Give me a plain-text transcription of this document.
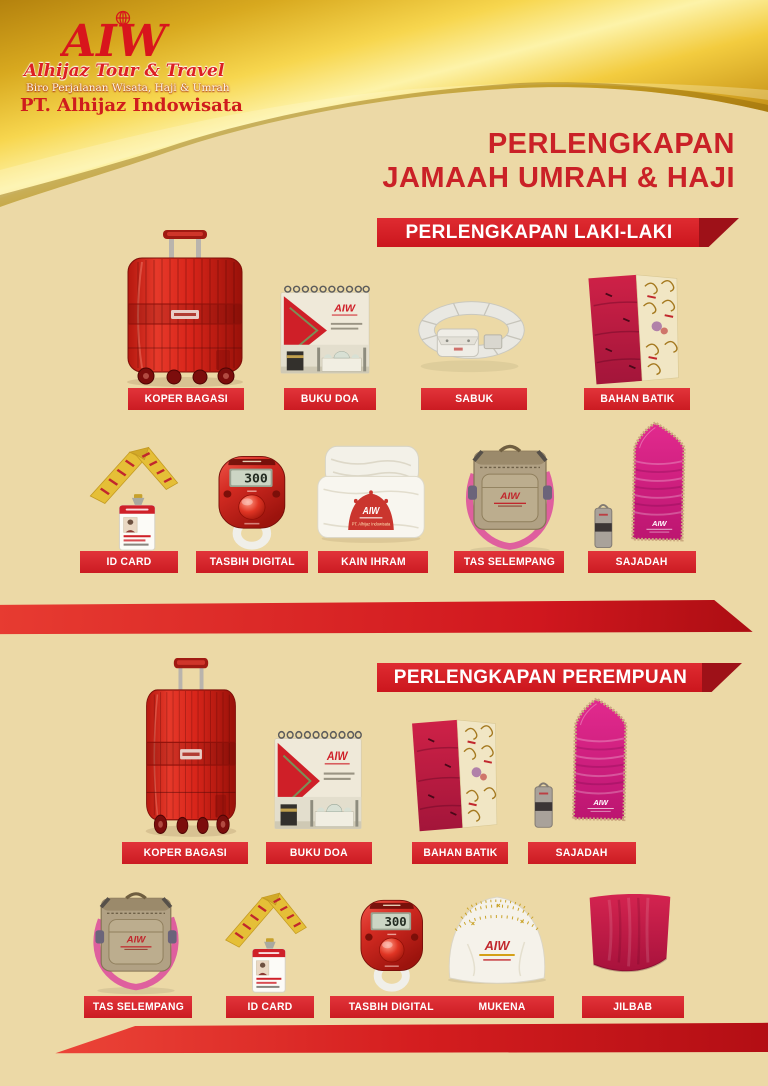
AIW
Alhijaz Tour & Travel
Biro Perjalanan Wisata, Haji & Umrah
PT. Alhijaz Indowisata
PERLENGKAPAN
JAMAAH UMRAH & HAJI
PERLENGKAPAN LAKI-LAKI
AIW
KOPER BAGASI	BUKU DOA	SABUK	BAHAN BATIK
300
AIW
PT. Alhijaz Indowisata
AIW
AIW
ID CARD	TASBIH DIGITAL	KAIN IHRAM	TAS SELEMPANG	SAJADAH
PERLENGKAPAN PEREMPUAN
AIW
AIW
KOPER BAGASI	BUKU DOA	BAHAN BATIK	SAJADAH
AIW
300
AIW
TAS SELEMPANG	ID CARD	TASBIH DIGITAL	MUKENA	JILBAB
